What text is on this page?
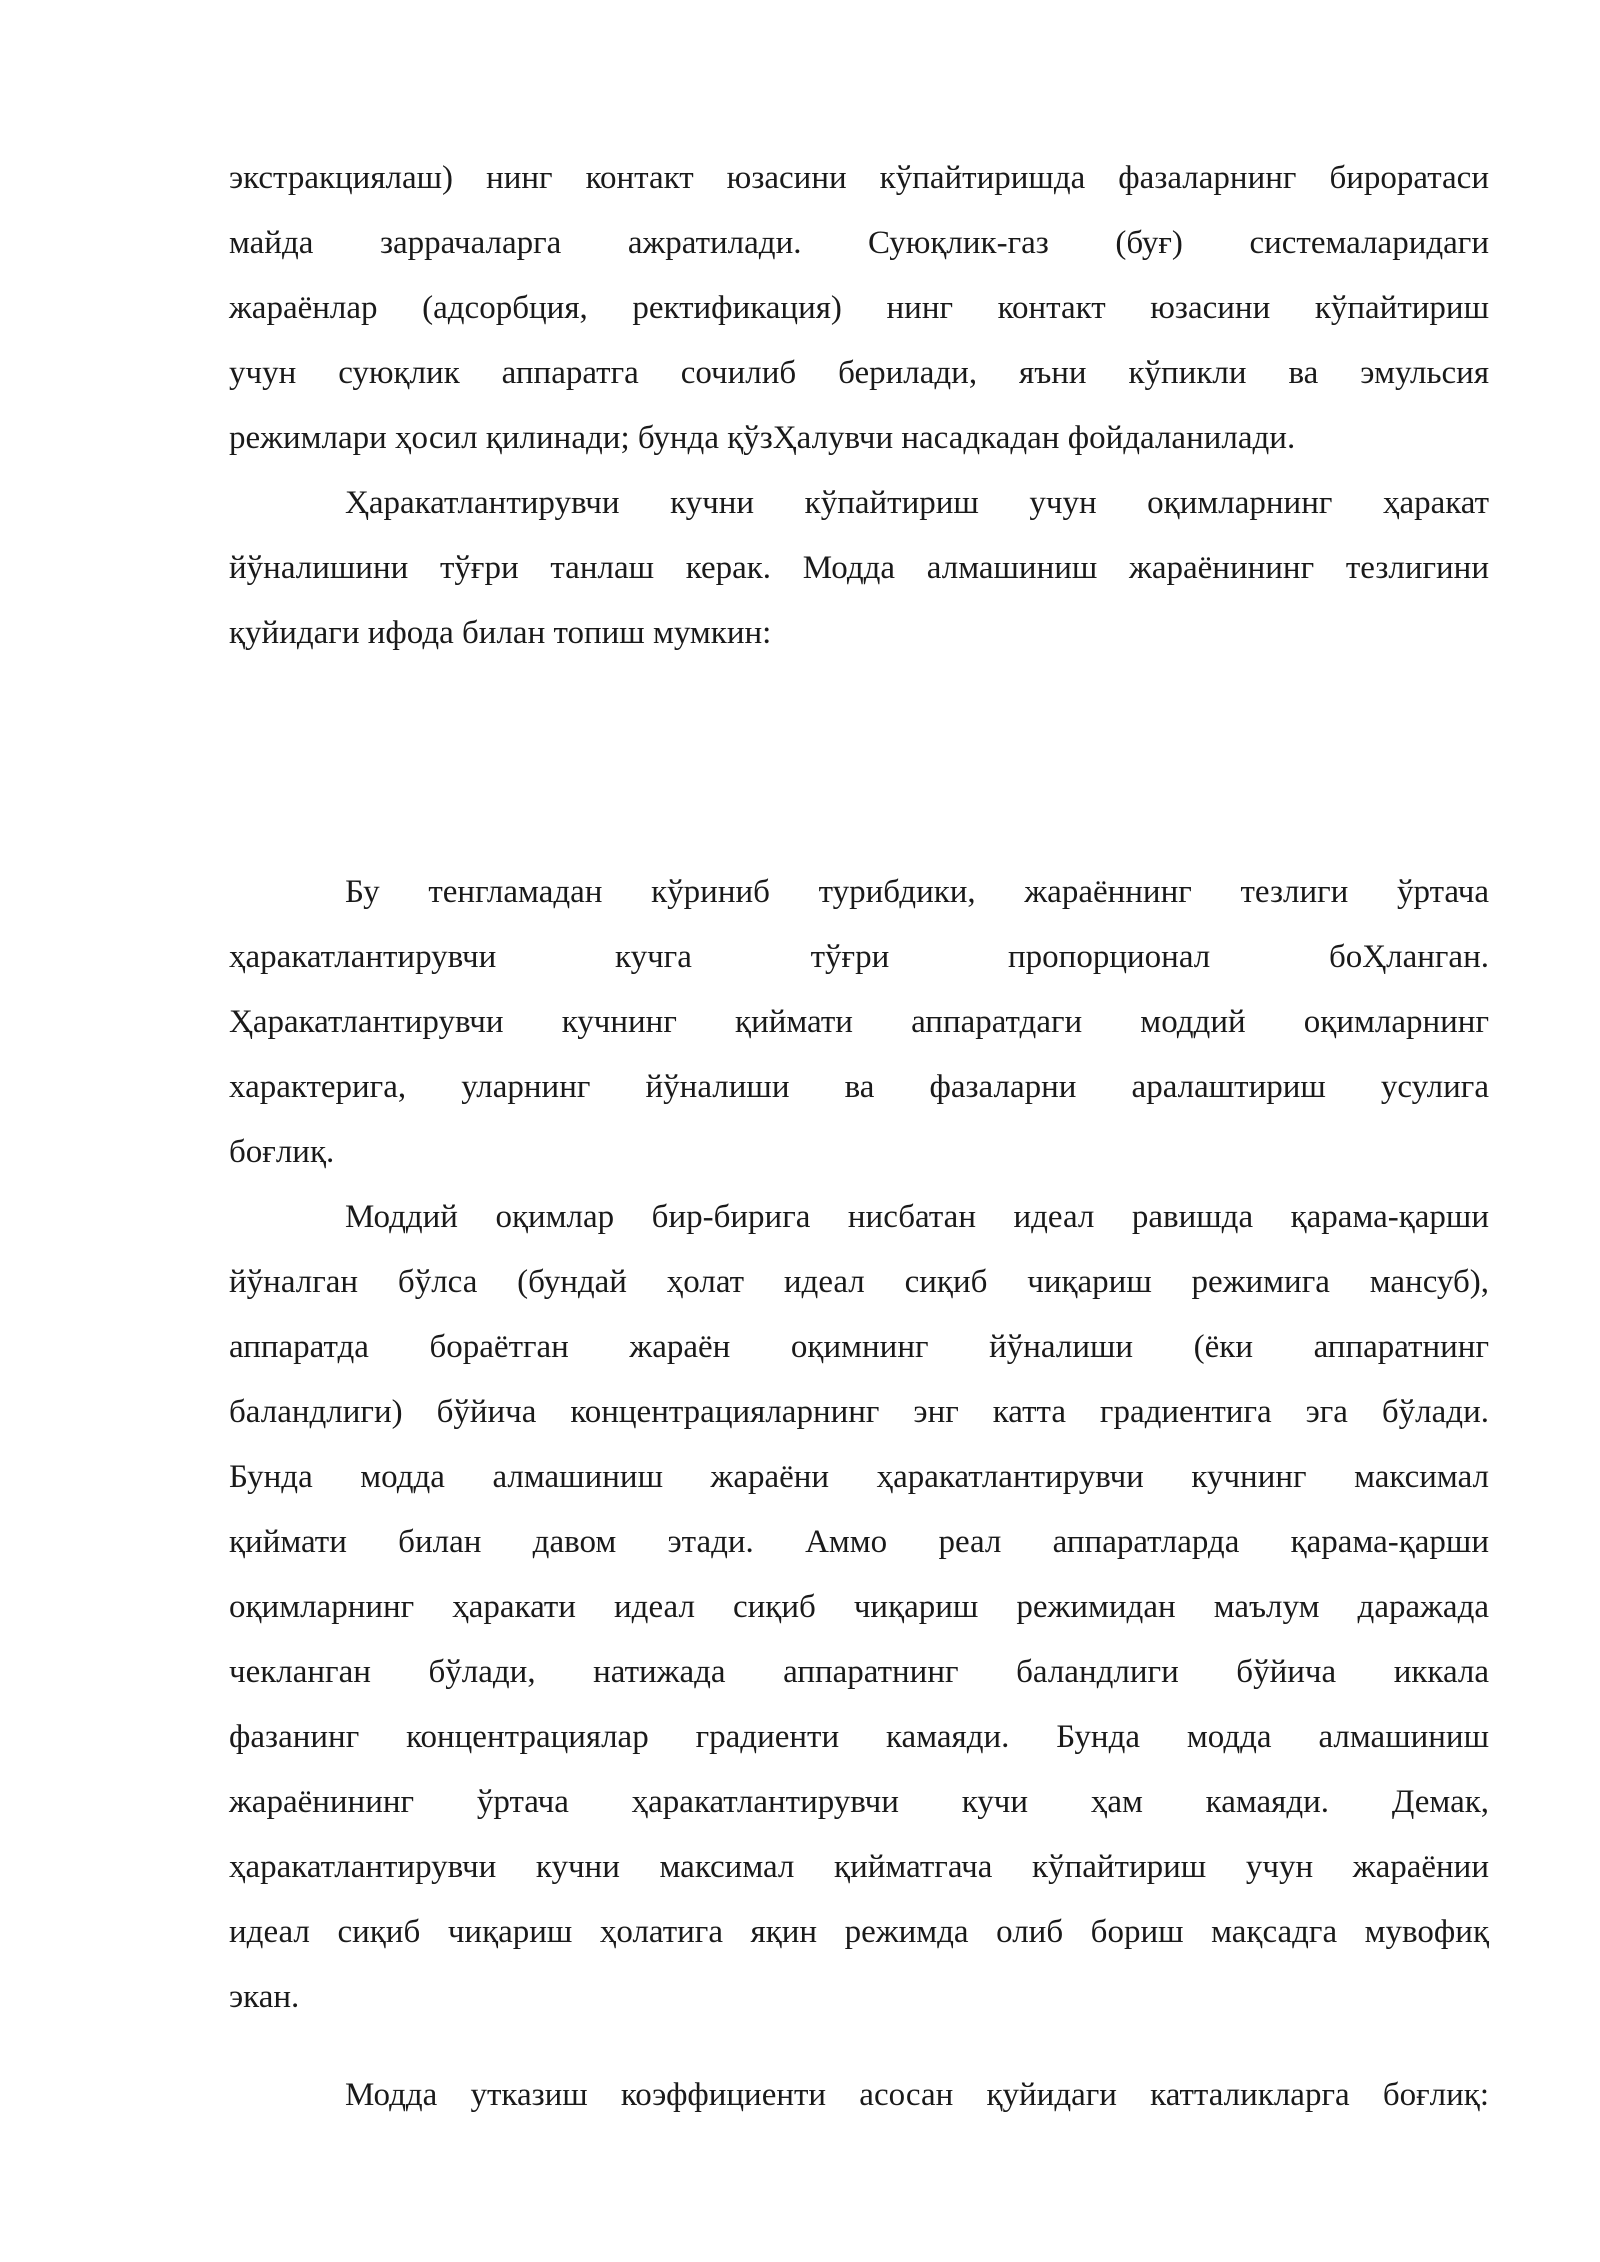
экстракциялаш) нинг контакт юзасини кўпайтиришда фазаларнинг бироратаси
майда заррачаларга ажратилади. Суюқлик-газ (буғ) системаларидаги
жараёнлар (адсорбция, ректификация) нинг контакт юзасини кўпайтириш
учун суюқлик аппаратга сочилиб берилади, яъни кўпикли ва эмульсия
режимлари ҳосил қилинади; бунда қўзҲалувчи насадкадан фойдаланилади.
Ҳаракатлантирувчи кучни кўпайтириш учун оқимларнинг ҳаракат
йўналишини тўғри танлаш керак. Модда алмашиниш жараёнининг тезлигини
қуйидаги ифода билан топиш мумкин:
Бу тенгламадан кўриниб турибдики, жараённинг тезлиги ўртача
ҳаракатлантирувчи кучга тўғри пропорционал боҲланган.
Ҳаракатлантирувчи кучнинг қиймати аппаратдаги моддий оқимларнинг
характерига, уларнинг йўналиши ва фазаларни аралаштириш усулига
боғлиқ.
Моддий оқимлар бир-бирига нисбатан идеал равишда қарама-қарши
йўналган бўлса (бундай ҳолат идеал сиқиб чиқариш режимига мансуб),
аппаратда бораётган жараён оқимнинг йўналиши (ёки аппаратнинг
баландлиги) бўйича концентрацияларнинг энг катта градиентига эга бўлади.
Бунда модда алмашиниш жараёни ҳаракатлантирувчи кучнинг максимал
қиймати билан давом этади. Аммо реал аппаратларда қарама-қарши
оқимларнинг ҳаракати идеал сиқиб чиқариш режимидан маълум даражада
чекланган бўлади, натижада аппаратнинг баландлиги бўйича иккала
фазанинг концентрациялар градиенти камаяди. Бунда модда алмашиниш
жараёнининг ўртача ҳаракатлантирувчи кучи ҳам камаяди. Демак,
ҳаракатлантирувчи кучни максимал қийматгача кўпайтириш учун жараёнии
идеал сиқиб чиқариш ҳолатига яқин режимда олиб бориш мақсадга мувофиқ
экан.
Модда утказиш коэффициенти асосан қуйидаги катталикларга боғлиқ:
